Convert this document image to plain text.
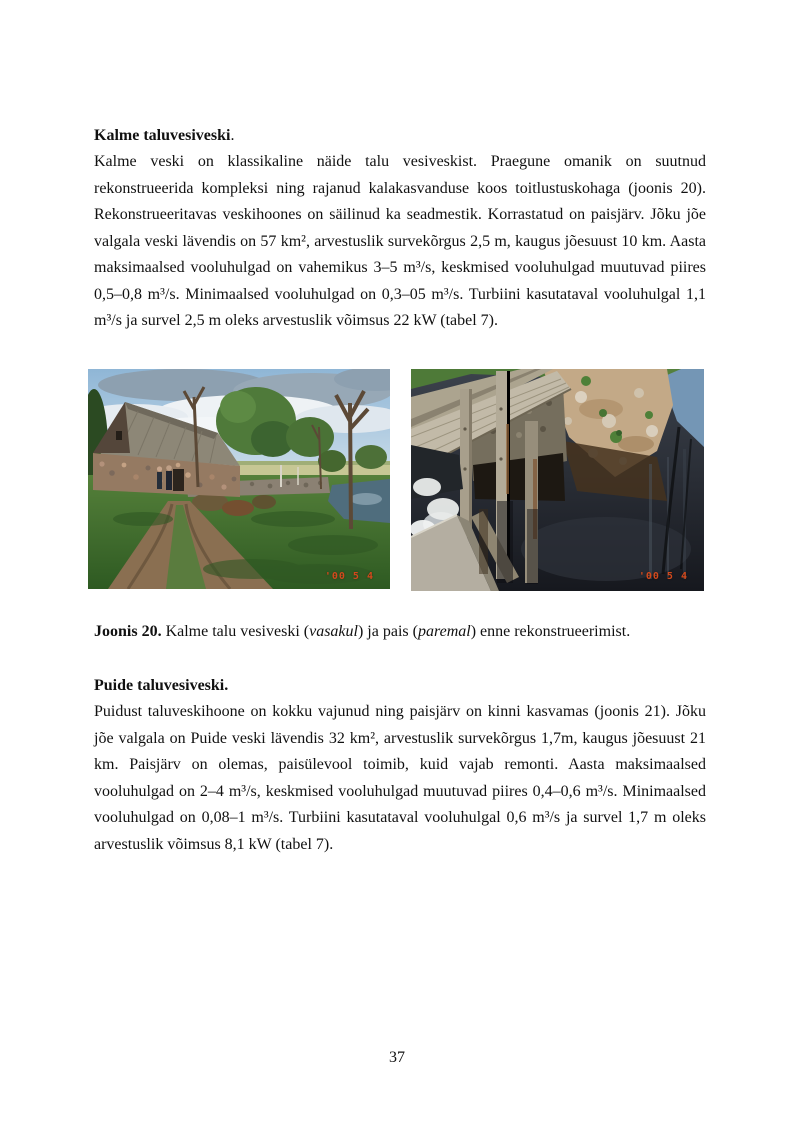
Kalme taluvesiveski.

Kalme veski on klassikaline näide talu vesiveskist. Praegune omanik on suutnud rekonstrueerida kompleksi ning rajanud kalakasvanduse koos toitlustuskohaga (joonis 20). Rekonstrueeritavas veskihoones on säilinud ka seadmestik. Korrastatud on paisjärv. Jõku jõe valgala veski lävendis on 57 km², arvestuslik survekõrgus 2,5 m, kaugus jõesuust 10 km. Aasta maksimaalsed vooluhulgad on vahemikus 3–5 m³/s, keskmised vooluhulgad muutuvad piires 0,5–0,8 m³/s. Minimaalsed vooluhulgad on 0,3–05 m³/s. Turbiini kasutataval vooluhulgal 1,1 m³/s ja survel 2,5 m oleks arvestuslik võimsus 22 kW (tabel 7).

'00 5 4	'00 5 4

Joonis 20. Kalme talu vesiveski (vasakul) ja pais (paremal) enne rekonstrueerimist.

Puide taluvesiveski.

Puidust taluveskihoone on kokku vajunud ning paisjärv on kinni kasvamas (joonis 21). Jõku jõe valgala on Puide veski lävendis 32 km², arvestuslik survekõrgus 1,7m, kaugus jõesuust 21 km. Paisjärv on olemas, paisülevool toimib, kuid vajab remonti. Aasta maksimaalsed vooluhulgad on 2–4 m³/s, keskmised vooluhulgad muutuvad piires 0,4–0,6 m³/s. Minimaalsed vooluhulgad on 0,08–1 m³/s. Turbiini kasutataval vooluhulgal 0,6 m³/s ja survel 1,7 m oleks arvestuslik võimsus 8,1 kW (tabel 7).

37
